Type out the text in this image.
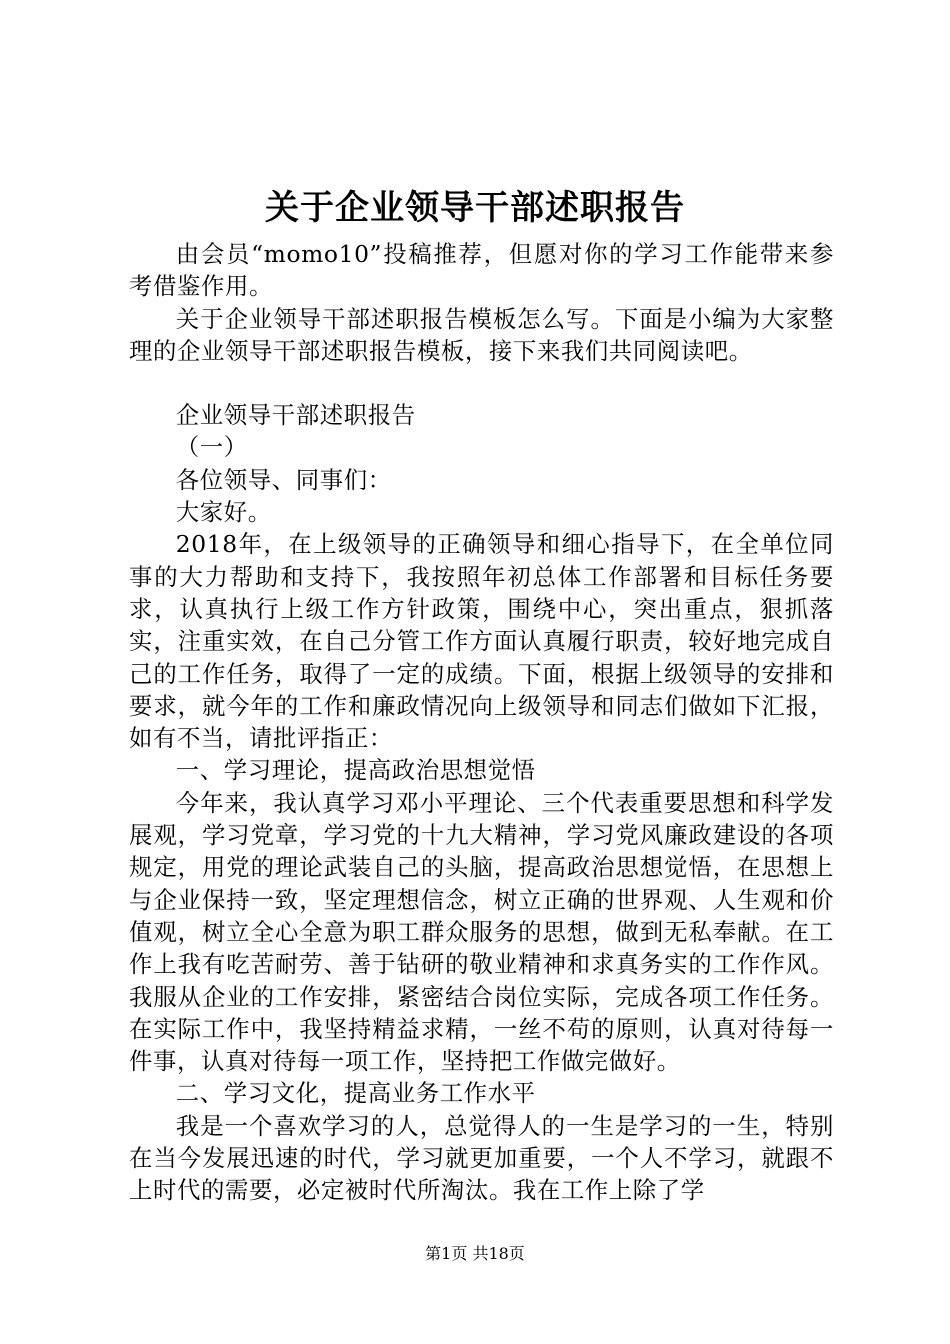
关于企业领导干部述职报告

由会员“momo10”投稿推荐，但愿对你的学习工作能带来参考借鉴作用。

关于企业领导干部述职报告模板怎么写。下面是小编为大家整理的企业领导干部述职报告模板，接下来我们共同阅读吧。

企业领导干部述职报告

（一）

各位领导、同事们：

大家好。

2018年，在上级领导的正确领导和细心指导下，在全单位同事的大力帮助和支持下，我按照年初总体工作部署和目标任务要求，认真执行上级工作方针政策，围绕中心，突出重点，狠抓落实，注重实效，在自己分管工作方面认真履行职责，较好地完成自己的工作任务，取得了一定的成绩。下面，根据上级领导的安排和要求，就今年的工作和廉政情况向上级领导和同志们做如下汇报，如有不当，请批评指正：

一、学习理论，提高政治思想觉悟

今年来，我认真学习邓小平理论、三个代表重要思想和科学发展观，学习党章，学习党的十九大精神，学习党风廉政建设的各项规定，用党的理论武装自己的头脑，提高政治思想觉悟，在思想上与企业保持一致，坚定理想信念，树立正确的世界观、人生观和价值观，树立全心全意为职工群众服务的思想，做到无私奉献。在工作上我有吃苦耐劳、善于钻研的敬业精神和求真务实的工作作风。我服从企业的工作安排，紧密结合岗位实际，完成各项工作任务。在实际工作中，我坚持精益求精，一丝不苟的原则，认真对待每一件事，认真对待每一项工作，坚持把工作做完做好。

二、学习文化，提高业务工作水平

我是一个喜欢学习的人，总觉得人的一生是学习的一生，特别在当今发展迅速的时代，学习就更加重要，一个人不学习，就跟不上时代的需要，必定被时代所淘汰。我在工作上除了学

第1页 共18页
